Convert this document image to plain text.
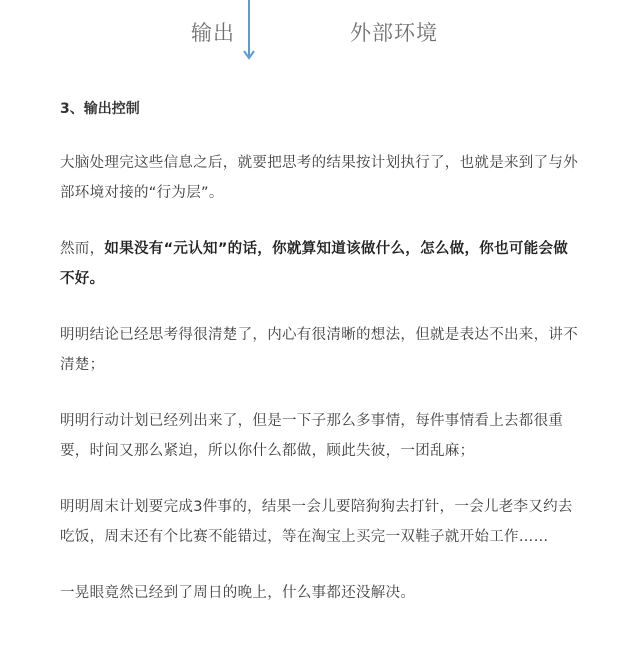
输出	外部环境
3、输出控制

大脑处理完这些信息之后，就要把思考的结果按计划执行了，也就是来到了与外部环境对接的“行为层”。

然而，如果没有“元认知”的话，你就算知道该做什么，怎么做，你也可能会做不好。

明明结论已经思考得很清楚了，内心有很清晰的想法，但就是表达不出来，讲不清楚；

明明行动计划已经列出来了，但是一下子那么多事情，每件事情看上去都很重要，时间又那么紧迫，所以你什么都做，顾此失彼，一团乱麻；

明明周末计划要完成3件事的，结果一会儿要陪狗狗去打针，一会儿老李又约去吃饭，周末还有个比赛不能错过，等在淘宝上买完一双鞋子就开始工作……

一晃眼竟然已经到了周日的晚上，什么事都还没解决。
